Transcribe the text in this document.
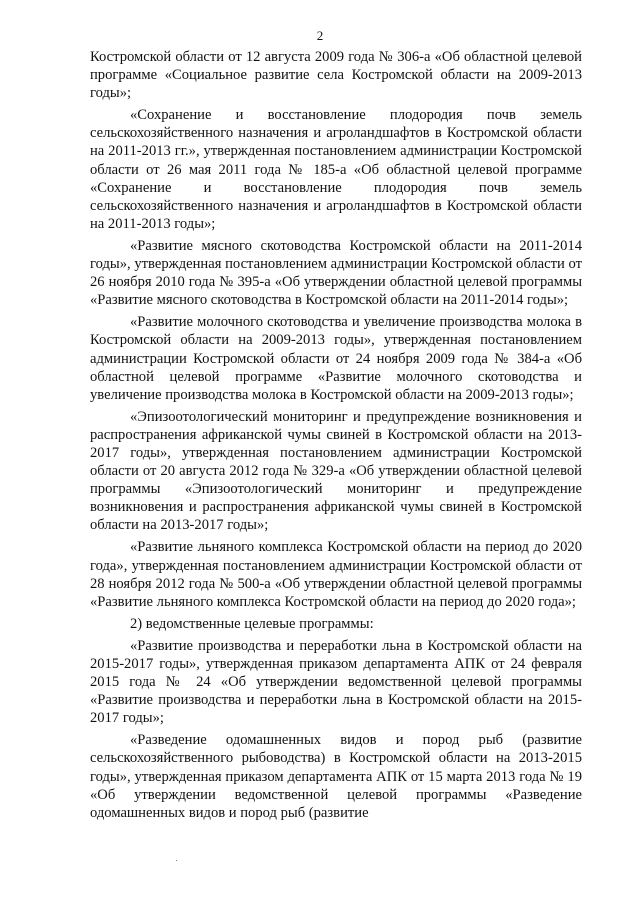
2

Костромской области от 12 августа 2009 года № 306-а «Об областной целевой программе «Социальное развитие села Костромской области на 2009-2013 годы»;

«Сохранение и восстановление плодородия почв земель сельскохозяйственного назначения и агроландшафтов в Костромской области на 2011-2013 гг.», утвержденная постановлением администрации Костромской области от 26 мая 2011 года № 185-а «Об областной целевой программе «Сохранение и восстановление плодородия почв земель сельскохозяйственного назначения и агроландшафтов в Костромской области на 2011-2013 годы»;

«Развитие мясного скотоводства Костромской области на 2011-2014 годы», утвержденная постановлением администрации Костромской области от 26 ноября 2010 года № 395-а «Об утверждении областной целевой программы «Развитие мясного скотоводства в Костромской области на 2011-2014 годы»;

«Развитие молочного скотоводства и увеличение производства молока в Костромской области на 2009-2013 годы», утвержденная постановлением администрации Костромской области от 24 ноября 2009 года № 384-а «Об областной целевой программе «Развитие молочного скотоводства и увеличение производства молока в Костромской области на 2009-2013 годы»;

«Эпизоотологический мониторинг и предупреждение возникновения и распространения африканской чумы свиней в Костромской области на 2013-2017 годы», утвержденная постановлением администрации Костромской области от 20 августа 2012 года № 329-а «Об утверждении областной целевой программы «Эпизоотологический мониторинг и предупреждение возникновения и распространения африканской чумы свиней в Костромской области на 2013-2017 годы»;

«Развитие льняного комплекса Костромской области на период до 2020 года», утвержденная постановлением администрации Костромской области от 28 ноября 2012 года № 500-а «Об утверждении областной целевой программы «Развитие льняного комплекса Костромской области на период до 2020 года»;

2) ведомственные целевые программы:

«Развитие производства и переработки льна в Костромской области на 2015-2017 годы», утвержденная приказом департамента АПК от 24 февраля 2015 года № 24 «Об утверждении ведомственной целевой программы «Развитие производства и переработки льна в Костромской области на 2015-2017 годы»;

«Разведение одомашненных видов и пород рыб (развитие сельскохозяйственного рыбоводства) в Костромской области на 2013-2015 годы», утвержденная приказом департамента АПК от 15 марта 2013 года № 19 «Об утверждении ведомственной целевой программы «Разведение одомашненных видов и пород рыб (развитие
